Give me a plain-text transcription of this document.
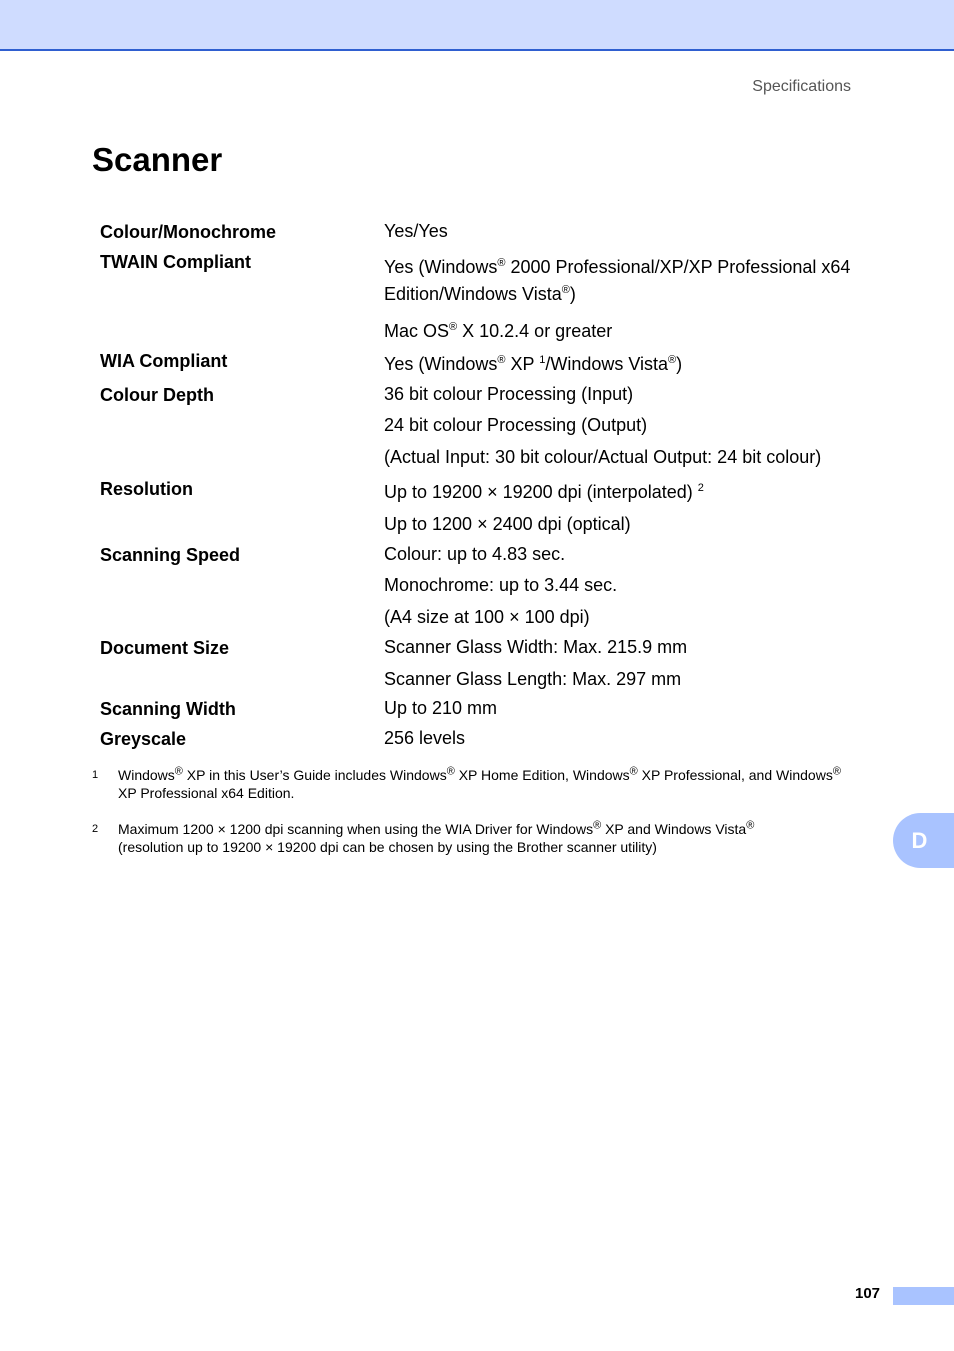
Specifications
Scanner
Colour/Monochrome	Yes/Yes
TWAIN Compliant	Yes (Windows® 2000 Professional/XP/XP Professional x64
Edition/Windows Vista®)
Mac OS® X 10.2.4 or greater
WIA Compliant	Yes (Windows® XP $^1$/Windows Vista®)
Colour Depth	36 bit colour Processing (Input)
24 bit colour Processing (Output)
(Actual Input: 30 bit colour/Actual Output: 24 bit colour)
Resolution	Up to 19200 × 19200 dpi (interpolated) $^2$
Up to 1200 × 2400 dpi (optical)
Scanning Speed	Colour: up to 4.83 sec.
Monochrome: up to 3.44 sec.
(A4 size at 100 × 100 dpi)
Document Size	Scanner Glass Width: Max. 215.9 mm
Scanner Glass Length: Max. 297 mm
Scanning Width	Up to 210 mm
Greyscale	256 levels
1	Windows® XP in this User’s Guide includes Windows® XP Home Edition, Windows® XP Professional, and Windows®
XP Professional x64 Edition.
2	Maximum 1200 × 1200 dpi scanning when using the WIA Driver for Windows® XP and Windows Vista®
(resolution up to 19200 × 19200 dpi can be chosen by using the Brother scanner utility)	D
107
